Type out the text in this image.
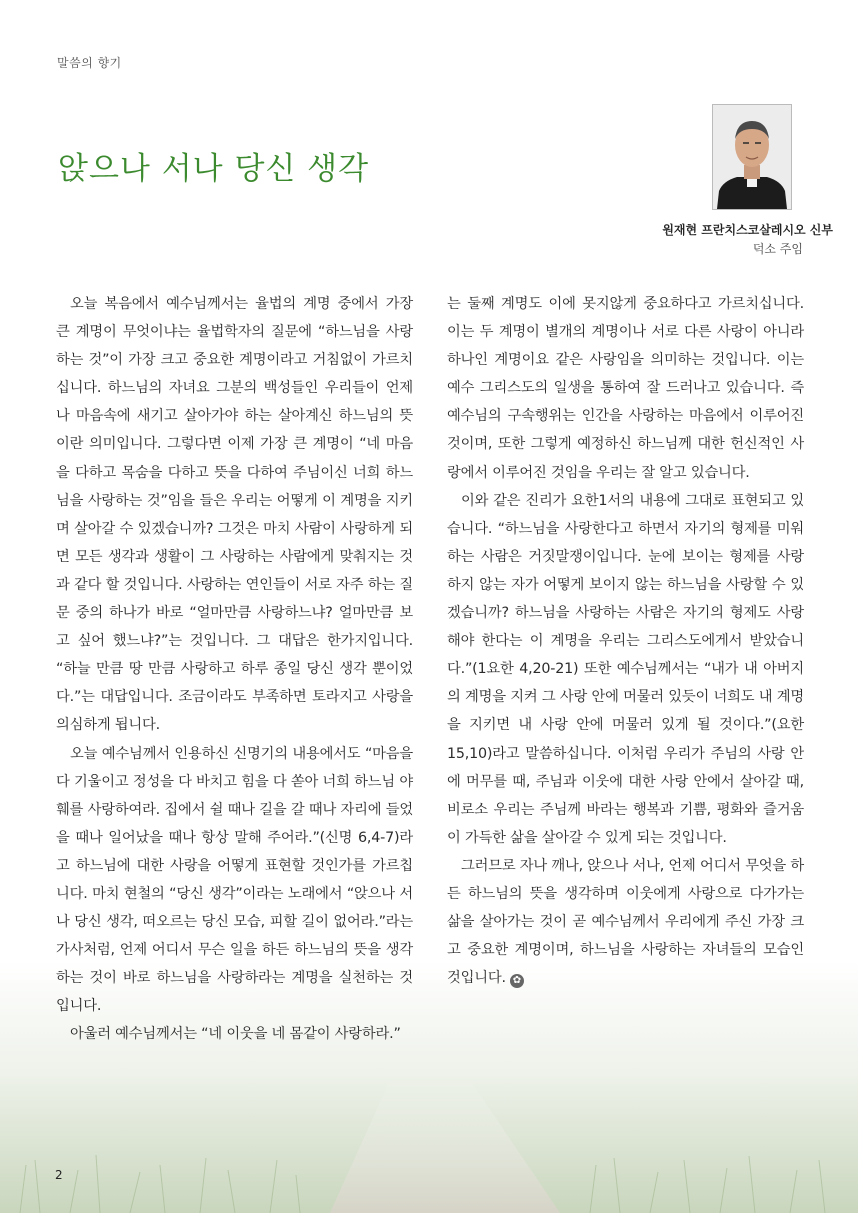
말씀의 향기
앉으나 서나 당신 생각
원재현 프란치스코살레시오 신부
덕소 주임

오늘 복음에서 예수님께서는 율법의 계명 중에서 가장 큰 계명이 무엇이냐는 율법학자의 질문에 “하느님을 사랑하는 것”이 가장 크고 중요한 계명이라고 거침없이 가르치십니다. 하느님의 자녀요 그분의 백성들인 우리들이 언제나 마음속에 새기고 살아가야 하는 살아계신 하느님의 뜻이란 의미입니다. 그렇다면 이제 가장 큰 계명이 “네 마음을 다하고 목숨을 다하고 뜻을 다하여 주님이신 너희 하느님을 사랑하는 것”임을 들은 우리는 어떻게 이 계명을 지키며 살아갈 수 있겠습니까? 그것은 마치 사람이 사랑하게 되면 모든 생각과 생활이 그 사랑하는 사람에게 맞춰지는 것과 같다 할 것입니다. 사랑하는 연인들이 서로 자주 하는 질문 중의 하나가 바로 “얼마만큼 사랑하느냐? 얼마만큼 보고 싶어 했느냐?”는 것입니다. 그 대답은 한가지입니다. “하늘 만큼 땅 만큼 사랑하고 하루 종일 당신 생각 뿐이었다.”는 대답입니다. 조금이라도 부족하면 토라지고 사랑을 의심하게 됩니다.

오늘 예수님께서 인용하신 신명기의 내용에서도 “마음을 다 기울이고 정성을 다 바치고 힘을 다 쏟아 너희 하느님 야훼를 사랑하여라. 집에서 쉴 때나 길을 갈 때나 자리에 들었을 때나 일어났을 때나 항상 말해 주어라.”(신명 6,4-7)라고 하느님에 대한 사랑을 어떻게 표현할 것인가를 가르칩니다. 마치 현철의 “당신 생각”이라는 노래에서 “앉으나 서나 당신 생각, 떠오르는 당신 모습, 피할 길이 없어라.”라는 가사처럼, 언제 어디서 무슨 일을 하든 하느님의 뜻을 생각하는 것이 바로 하느님을 사랑하라는 계명을 실천하는 것입니다.

아울러 예수님께서는 “네 이웃을 네 몸같이 사랑하라.”

는 둘째 계명도 이에 못지않게 중요하다고 가르치십니다. 이는 두 계명이 별개의 계명이나 서로 다른 사랑이 아니라 하나인 계명이요 같은 사랑임을 의미하는 것입니다. 이는 예수 그리스도의 일생을 통하여 잘 드러나고 있습니다. 즉 예수님의 구속행위는 인간을 사랑하는 마음에서 이루어진 것이며, 또한 그렇게 예정하신 하느님께 대한 헌신적인 사랑에서 이루어진 것임을 우리는 잘 알고 있습니다.

이와 같은 진리가 요한1서의 내용에 그대로 표현되고 있습니다. “하느님을 사랑한다고 하면서 자기의 형제를 미워하는 사람은 거짓말쟁이입니다. 눈에 보이는 형제를 사랑하지 않는 자가 어떻게 보이지 않는 하느님을 사랑할 수 있겠습니까? 하느님을 사랑하는 사람은 자기의 형제도 사랑해야 한다는 이 계명을 우리는 그리스도에게서 받았습니다.”(1요한 4,20-21) 또한 예수님께서는 “내가 내 아버지의 계명을 지켜 그 사랑 안에 머물러 있듯이 너희도 내 계명을 지키면 내 사랑 안에 머물러 있게 될 것이다.”(요한 15,10)라고 말씀하십니다. 이처럼 우리가 주님의 사랑 안에 머무를 때, 주님과 이웃에 대한 사랑 안에서 살아갈 때, 비로소 우리는 주님께 바라는 행복과 기쁨, 평화와 즐거움이 가득한 삶을 살아갈 수 있게 되는 것입니다.

그러므로 자나 깨나, 앉으나 서나, 언제 어디서 무엇을 하든 하느님의 뜻을 생각하며 이웃에게 사랑으로 다가가는 삶을 살아가는 것이 곧 예수님께서 우리에게 주신 가장 크고 중요한 계명이며, 하느님을 사랑하는 자녀들의 모습인 것입니다. ✿

2
